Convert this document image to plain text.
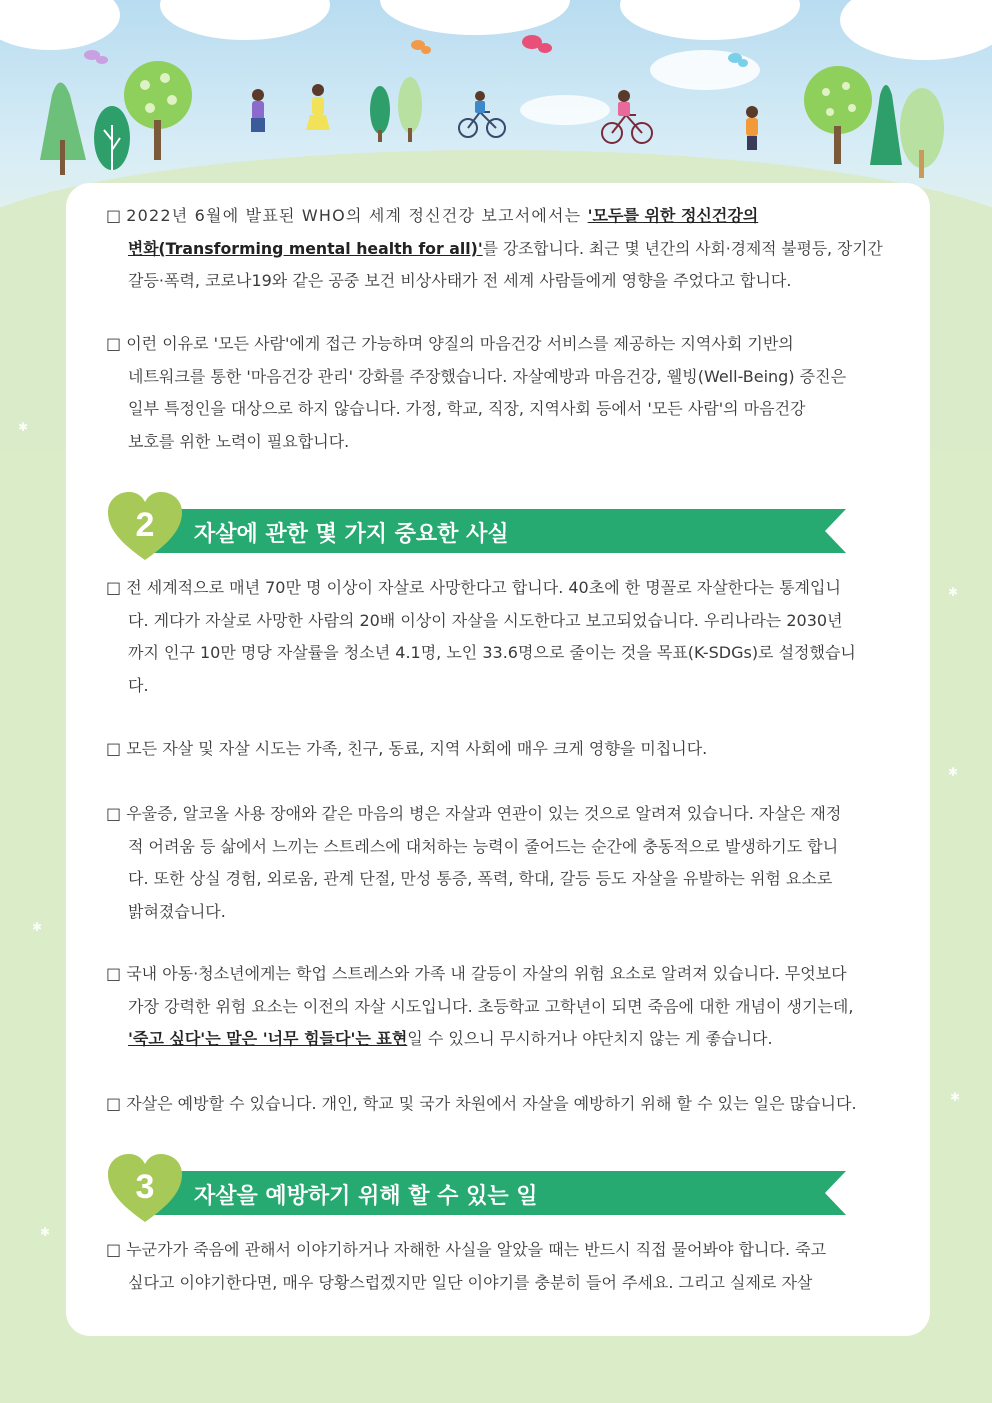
✱
✱
✱
✱
✱
✱
□ 2022년 6월에 발표된 WHO의 세계 정신건강 보고서에서는 '모두를 위한 정신건강의
변화(Transforming mental health for all)'를 강조합니다. 최근 몇 년간의 사회·경제적 불평등, 장기간
갈등·폭력, 코로나19와 같은 공중 보건 비상사태가 전 세계 사람들에게 영향을 주었다고 합니다.
□ 이런 이유로 '모든 사람'에게 접근 가능하며 양질의 마음건강 서비스를 제공하는 지역사회 기반의
네트워크를 통한 '마음건강 관리' 강화를 주장했습니다. 자살예방과 마음건강, 웰빙(Well-Being) 증진은
일부 특정인을 대상으로 하지 않습니다. 가정, 학교, 직장, 지역사회 등에서 '모든 사람'의 마음건강
보호를 위한 노력이 필요합니다.
2	자살에 관한 몇 가지 중요한 사실
□ 전 세계적으로 매년 70만 명 이상이 자살로 사망한다고 합니다. 40초에 한 명꼴로 자살한다는 통계입니
다. 게다가 자살로 사망한 사람의 20배 이상이 자살을 시도한다고 보고되었습니다. 우리나라는 2030년
까지 인구 10만 명당 자살률을 청소년 4.1명, 노인 33.6명으로 줄이는 것을 목표(K-SDGs)로 설정했습니
다.
□ 모든 자살 및 자살 시도는 가족, 친구, 동료, 지역 사회에 매우 크게 영향을 미칩니다.
□ 우울증, 알코올 사용 장애와 같은 마음의 병은 자살과 연관이 있는 것으로 알려져 있습니다. 자살은 재정
적 어려움 등 삶에서 느끼는 스트레스에 대처하는 능력이 줄어드는 순간에 충동적으로 발생하기도 합니
다. 또한 상실 경험, 외로움, 관계 단절, 만성 통증, 폭력, 학대, 갈등 등도 자살을 유발하는 위험 요소로
밝혀졌습니다.
□ 국내 아동·청소년에게는 학업 스트레스와 가족 내 갈등이 자살의 위험 요소로 알려져 있습니다. 무엇보다
가장 강력한 위험 요소는 이전의 자살 시도입니다. 초등학교 고학년이 되면 죽음에 대한 개념이 생기는데,
'죽고 싶다'는 말은 '너무 힘들다'는 표현일 수 있으니 무시하거나 야단치지 않는 게 좋습니다.
□ 자살은 예방할 수 있습니다. 개인, 학교 및 국가 차원에서 자살을 예방하기 위해 할 수 있는 일은 많습니다.
3	자살을 예방하기 위해 할 수 있는 일
□ 누군가가 죽음에 관해서 이야기하거나 자해한 사실을 알았을 때는 반드시 직접 물어봐야 합니다. 죽고
싶다고 이야기한다면, 매우 당황스럽겠지만 일단 이야기를 충분히 들어 주세요. 그리고 실제로 자살
